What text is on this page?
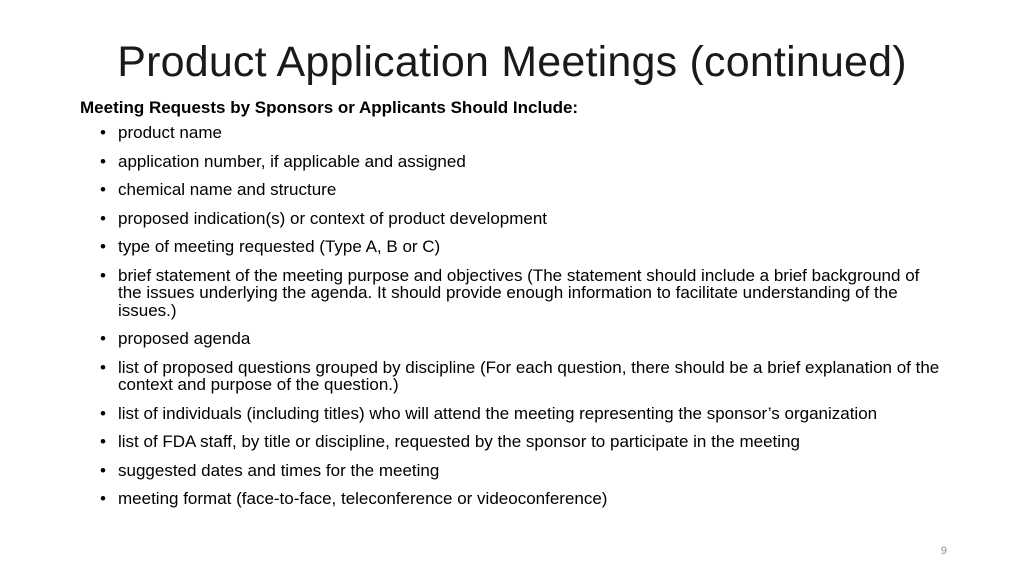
Product Application Meetings (continued)
Meeting Requests by Sponsors or Applicants Should Include:
• product name
• application number, if applicable and assigned
• chemical name and structure
• proposed indication(s) or context of product development
• type of meeting requested (Type A, B or C)
• brief statement of the meeting purpose and objectives (The statement should include a brief background of the issues underlying the agenda. It should provide enough information to facilitate understanding of the issues.)
• proposed agenda
• list of proposed questions grouped by discipline (For each question, there should be a brief explanation of the context and purpose of the question.)
• list of individuals (including titles) who will attend the meeting representing the sponsor’s organization
• list of FDA staff, by title or discipline, requested by the sponsor to participate in the meeting
• suggested dates and times for the meeting
• meeting format (face-to-face, teleconference or videoconference)
9
